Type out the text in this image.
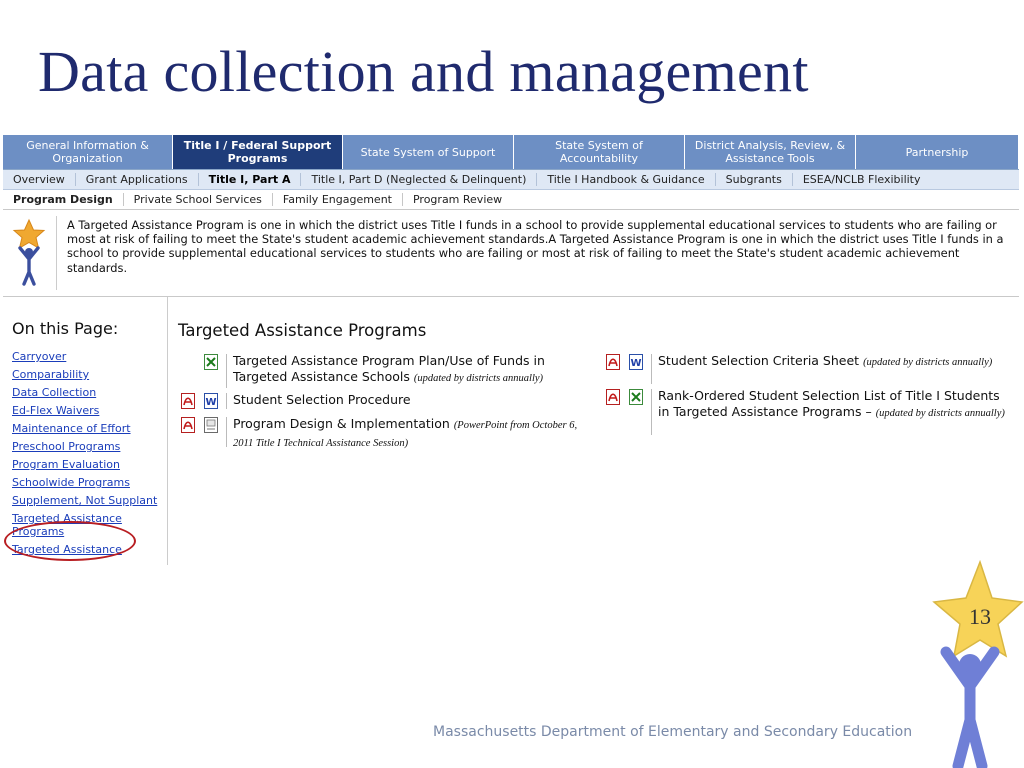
Data collection and management
General Information & Organization
Title I / Federal Support Programs	State System of Support	State System of Accountability
District Analysis, Review, & Assistance Tools	Partnership
Overview	Grant Applications	Title I, Part A	Title I, Part D (Neglected & Delinquent)	Title I Handbook & Guidance	Subgrants	ESEA/NCLB Flexibility
Program Design	Private School Services	Family Engagement	Program Review
A Targeted Assistance Program is one in which the district uses Title I funds in a school to provide supplemental educational services to students who are failing or most at risk of failing to meet the State's student academic achievement standards.A Targeted Assistance Program is one in which the district uses Title I funds in a school to provide supplemental educational services to students who are failing or most at risk of failing to meet the State's student academic achievement standards.
On this Page:
Carryover
Comparability
Data Collection
Ed-Flex Waivers
Maintenance of Effort
Preschool Programs
Program Evaluation
Schoolwide Programs
Supplement, Not Supplant
Targeted Assistance Programs
Targeted Assistance
Targeted Assistance Programs
Targeted Assistance Program Plan/Use of Funds in Targeted Assistance Schools (updated by districts annually)
W Student Selection Procedure
Program Design & Implementation (PowerPoint from October 6, 2011 Title I Technical Assistance Session)
W Student Selection Criteria Sheet (updated by districts annually)
Rank-Ordered Student Selection List of Title I Students in Targeted Assistance Programs – (updated by districts annually)
13
Massachusetts Department of Elementary and Secondary Education
